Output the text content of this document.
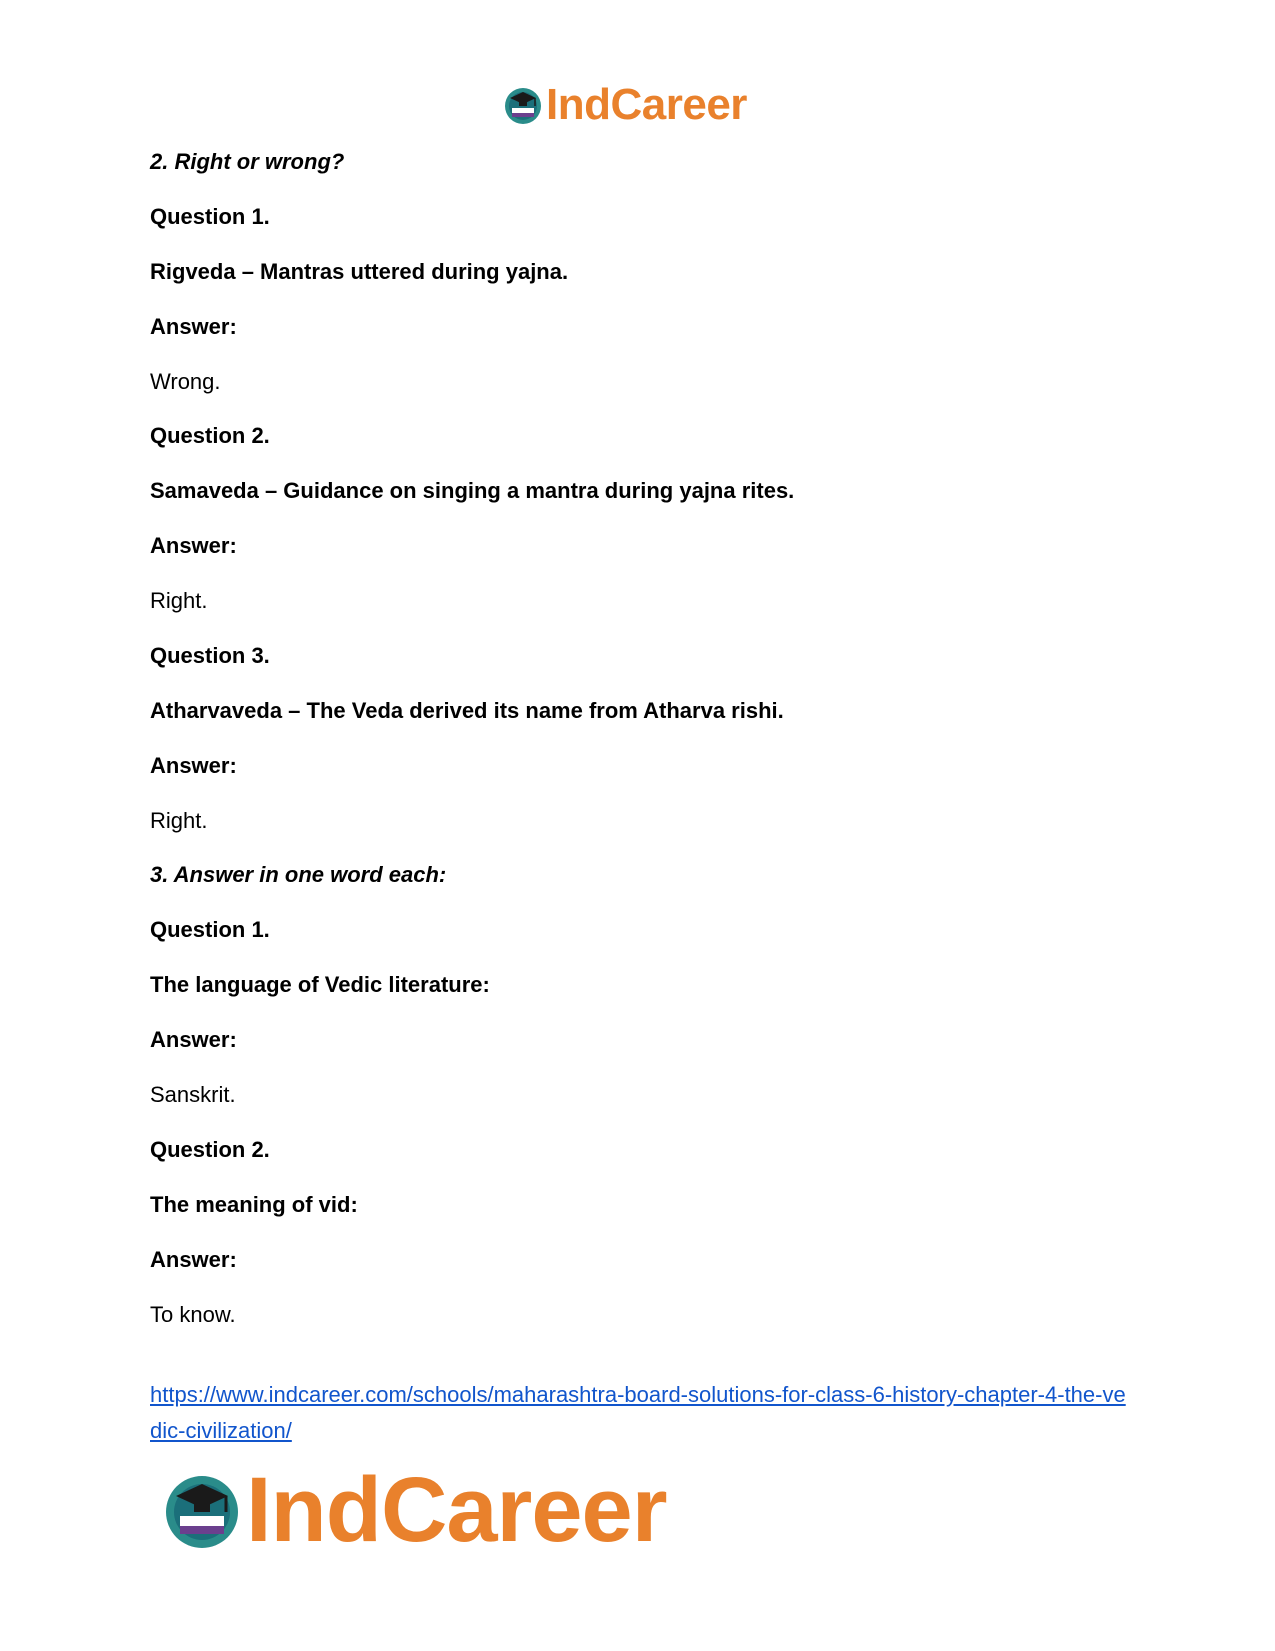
IndCareer
2. Right or wrong?
Question 1.
Rigveda – Mantras uttered during yajna.
Answer:
Wrong.
Question 2.
Samaveda – Guidance on singing a mantra during yajna rites.
Answer:
Right.
Question 3.
Atharvaveda – The Veda derived its name from Atharva rishi.
Answer:
Right.
3. Answer in one word each:
Question 1.
The language of Vedic literature:
Answer:
Sanskrit.
Question 2.
The meaning of vid:
Answer:
To know.
https://www.indcareer.com/schools/maharashtra-board-solutions-for-class-6-history-chapter-4-the-vedic-civilization/
IndCareer
